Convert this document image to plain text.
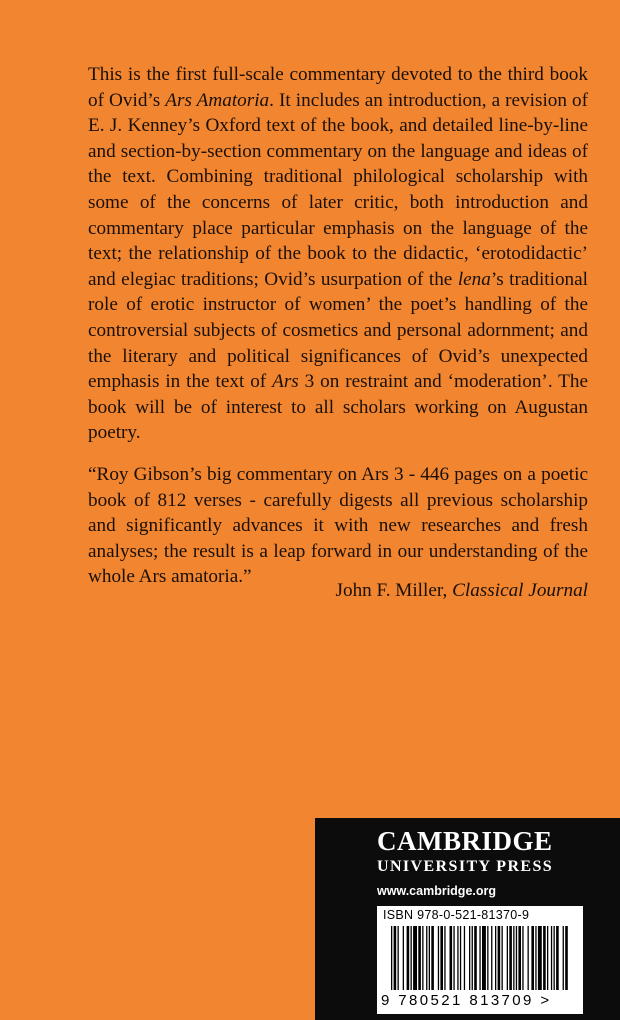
This is the first full-scale commentary devoted to the third book of Ovid’s Ars Amatoria. It includes an introduction, a revision of E. J. Kenney’s Oxford text of the book, and detailed line-by-line and section-by-section commentary on the language and ideas of the text. Combining traditional philological scholarship with some of the concerns of later critic, both introduction and commentary place particular emphasis on the language of the text; the relationship of the book to the didactic, ‘erotodidactic’ and elegiac traditions; Ovid’s usurpation of the lena’s traditional role of erotic instructor of women’ the poet’s handling of the controversial subjects of cosmetics and personal adornment; and the literary and political significances of Ovid’s unexpected emphasis in the text of Ars 3 on restraint and ‘moderation’. The book will be of interest to all scholars working on Augustan poetry.

“Roy Gibson’s big commentary on Ars 3 - 446 pages on a poetic book of 812 verses - carefully digests all previous scholarship and significantly advances it with new researches and fresh analyses; the result is a leap forward in our understanding of the whole Ars amatoria.”

John F. Miller, Classical Journal
CAMBRIDGE
UNIVERSITY PRESS
www.cambridge.org
ISBN 978-0-521-81370-9
9 780521 813709 >
